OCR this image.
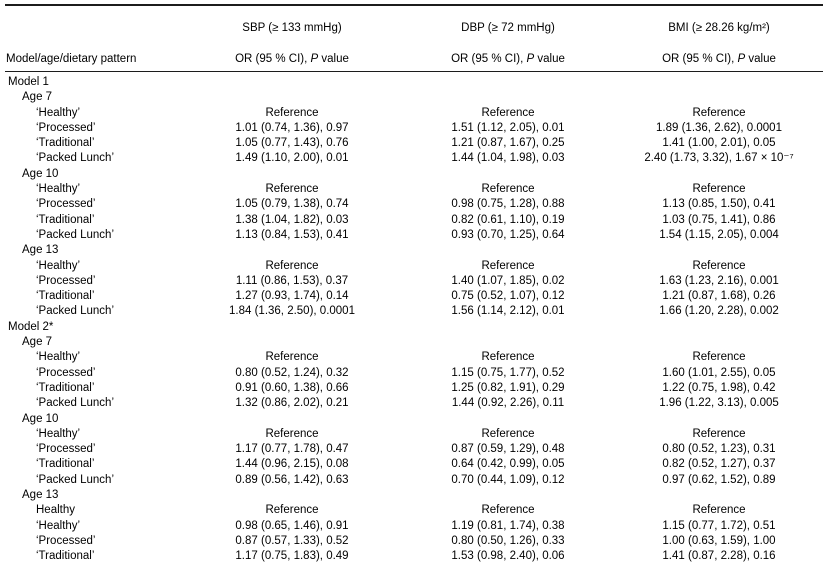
Model/age/dietary pattern	SBP (≥ 133 mmHg)	DBP (≥ 72 mmHg)	BMI (≥ 28.26 kg/m²)
	OR (95 % CI), P value	OR (95 % CI), P value	OR (95 % CI), P value
Model 1			
Age 7			
‘Healthy’	Reference	Reference	Reference
‘Processed’	1.01 (0.74, 1.36), 0.97	1.51 (1.12, 2.05), 0.01	1.89 (1.36, 2.62), 0.0001
‘Traditional’	1.05 (0.77, 1.43), 0.76	1.21 (0.87, 1.67), 0.25	1.41 (1.00, 2.01), 0.05
‘Packed Lunch’	1.49 (1.10, 2.00), 0.01	1.44 (1.04, 1.98), 0.03	2.40 (1.73, 3.32), 1.67 × 10⁻⁷
Age 10			
‘Healthy’	Reference	Reference	Reference
‘Processed’	1.05 (0.79, 1.38), 0.74	0.98 (0.75, 1.28), 0.88	1.13 (0.85, 1.50), 0.41
‘Traditional’	1.38 (1.04, 1.82), 0.03	0.82 (0.61, 1.10), 0.19	1.03 (0.75, 1.41), 0.86
‘Packed Lunch’	1.13 (0.84, 1.53), 0.41	0.93 (0.70, 1.25), 0.64	1.54 (1.15, 2.05), 0.004
Age 13			
‘Healthy’	Reference	Reference	Reference
‘Processed’	1.11 (0.86, 1.53), 0.37	1.40 (1.07, 1.85), 0.02	1.63 (1.23, 2.16), 0.001
‘Traditional’	1.27 (0.93, 1.74), 0.14	0.75 (0.52, 1.07), 0.12	1.21 (0.87, 1.68), 0.26
‘Packed Lunch’	1.84 (1.36, 2.50), 0.0001	1.56 (1.14, 2.12), 0.01	1.66 (1.20, 2.28), 0.002
Model 2*			
Age 7			
‘Healthy’	Reference	Reference	Reference
‘Processed’	0.80 (0.52, 1.24), 0.32	1.15 (0.75, 1.77), 0.52	1.60 (1.01, 2.55), 0.05
‘Traditional’	0.91 (0.60, 1.38), 0.66	1.25 (0.82, 1.91), 0.29	1.22 (0.75, 1.98), 0.42
‘Packed Lunch’	1.32 (0.86, 2.02), 0.21	1.44 (0.92, 2.26), 0.11	1.96 (1.22, 3.13), 0.005
Age 10			
‘Healthy’	Reference	Reference	Reference
‘Processed’	1.17 (0.77, 1.78), 0.47	0.87 (0.59, 1.29), 0.48	0.80 (0.52, 1.23), 0.31
‘Traditional’	1.44 (0.96, 2.15), 0.08	0.64 (0.42, 0.99), 0.05	0.82 (0.52, 1.27), 0.37
‘Packed Lunch’	0.89 (0.56, 1.42), 0.63	0.70 (0.44, 1.09), 0.12	0.97 (0.62, 1.52), 0.89
Age 13			
Healthy	Reference	Reference	Reference
‘Healthy’	0.98 (0.65, 1.46), 0.91	1.19 (0.81, 1.74), 0.38	1.15 (0.77, 1.72), 0.51
‘Processed’	0.87 (0.57, 1.33), 0.52	0.80 (0.50, 1.26), 0.33	1.00 (0.63, 1.59), 1.00
‘Traditional’	1.17 (0.75, 1.83), 0.49	1.53 (0.98, 2.40), 0.06	1.41 (0.87, 2.28), 0.16
